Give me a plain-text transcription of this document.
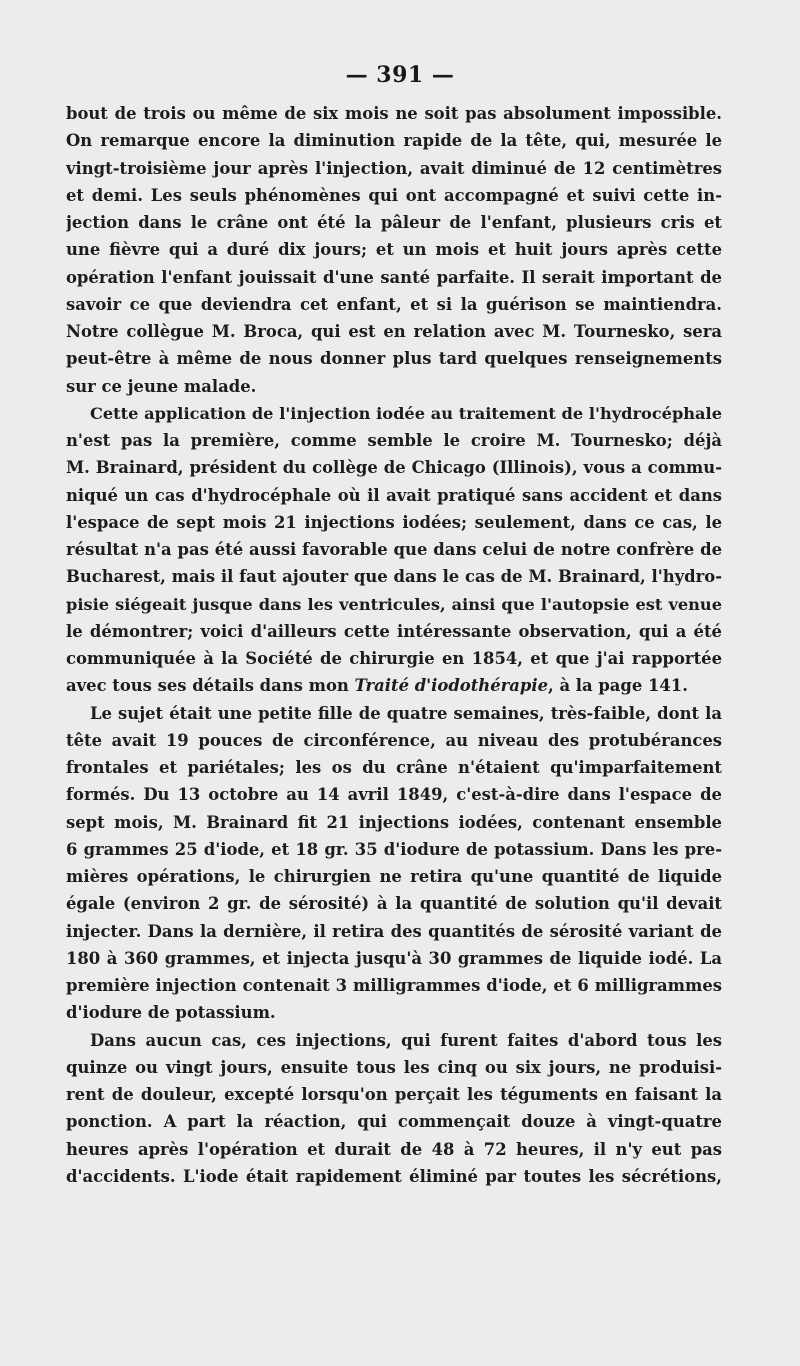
— 391 —
bout de trois ou même de six mois ne soit pas absolument impossible.
On remarque encore la diminution rapide de la tête, qui, mesurée le
vingt-troisième jour après l'injection, avait diminué de 12 centimètres
et demi. Les seuls phénomènes qui ont accompagné et suivi cette in-
jection dans le crâne ont été la pâleur de l'enfant, plusieurs cris et
une fièvre qui a duré dix jours; et un mois et huit jours après cette
opération l'enfant jouissait d'une santé parfaite. Il serait important de
savoir ce que deviendra cet enfant, et si la guérison se maintiendra.
Notre collègue M. Broca, qui est en relation avec M. Tournesko, sera
peut-être à même de nous donner plus tard quelques renseignements
sur ce jeune malade.
Cette application de l'injection iodée au traitement de l'hydrocéphale
n'est pas la première, comme semble le croire M. Tournesko; déjà
M. Brainard, président du collège de Chicago (Illinois), vous a commu-
niqué un cas d'hydrocéphale où il avait pratiqué sans accident et dans
l'espace de sept mois 21 injections iodées; seulement, dans ce cas, le
résultat n'a pas été aussi favorable que dans celui de notre confrère de
Bucharest, mais il faut ajouter que dans le cas de M. Brainard, l'hydro-
pisie siégeait jusque dans les ventricules, ainsi que l'autopsie est venue
le démontrer; voici d'ailleurs cette intéressante observation, qui a été
communiquée à la Société de chirurgie en 1854, et que j'ai rapportée
avec tous ses détails dans mon Traité d'iodothérapie, à la page 141.
Le sujet était une petite fille de quatre semaines, très-faible, dont la
tête avait 19 pouces de circonférence, au niveau des protubérances
frontales et pariétales; les os du crâne n'étaient qu'imparfaitement
formés. Du 13 octobre au 14 avril 1849, c'est-à-dire dans l'espace de
sept mois, M. Brainard fit 21 injections iodées, contenant ensemble
6 grammes 25 d'iode, et 18 gr. 35 d'iodure de potassium. Dans les pre-
mières opérations, le chirurgien ne retira qu'une quantité de liquide
égale (environ 2 gr. de sérosité) à la quantité de solution qu'il devait
injecter. Dans la dernière, il retira des quantités de sérosité variant de
180 à 360 grammes, et injecta jusqu'à 30 grammes de liquide iodé. La
première injection contenait 3 milligrammes d'iode, et 6 milligrammes
d'iodure de potassium.
Dans aucun cas, ces injections, qui furent faites d'abord tous les
quinze ou vingt jours, ensuite tous les cinq ou six jours, ne produisi-
rent de douleur, excepté lorsqu'on perçait les téguments en faisant la
ponction. A part la réaction, qui commençait douze à vingt-quatre
heures après l'opération et durait de 48 à 72 heures, il n'y eut pas
d'accidents. L'iode était rapidement éliminé par toutes les sécrétions,
